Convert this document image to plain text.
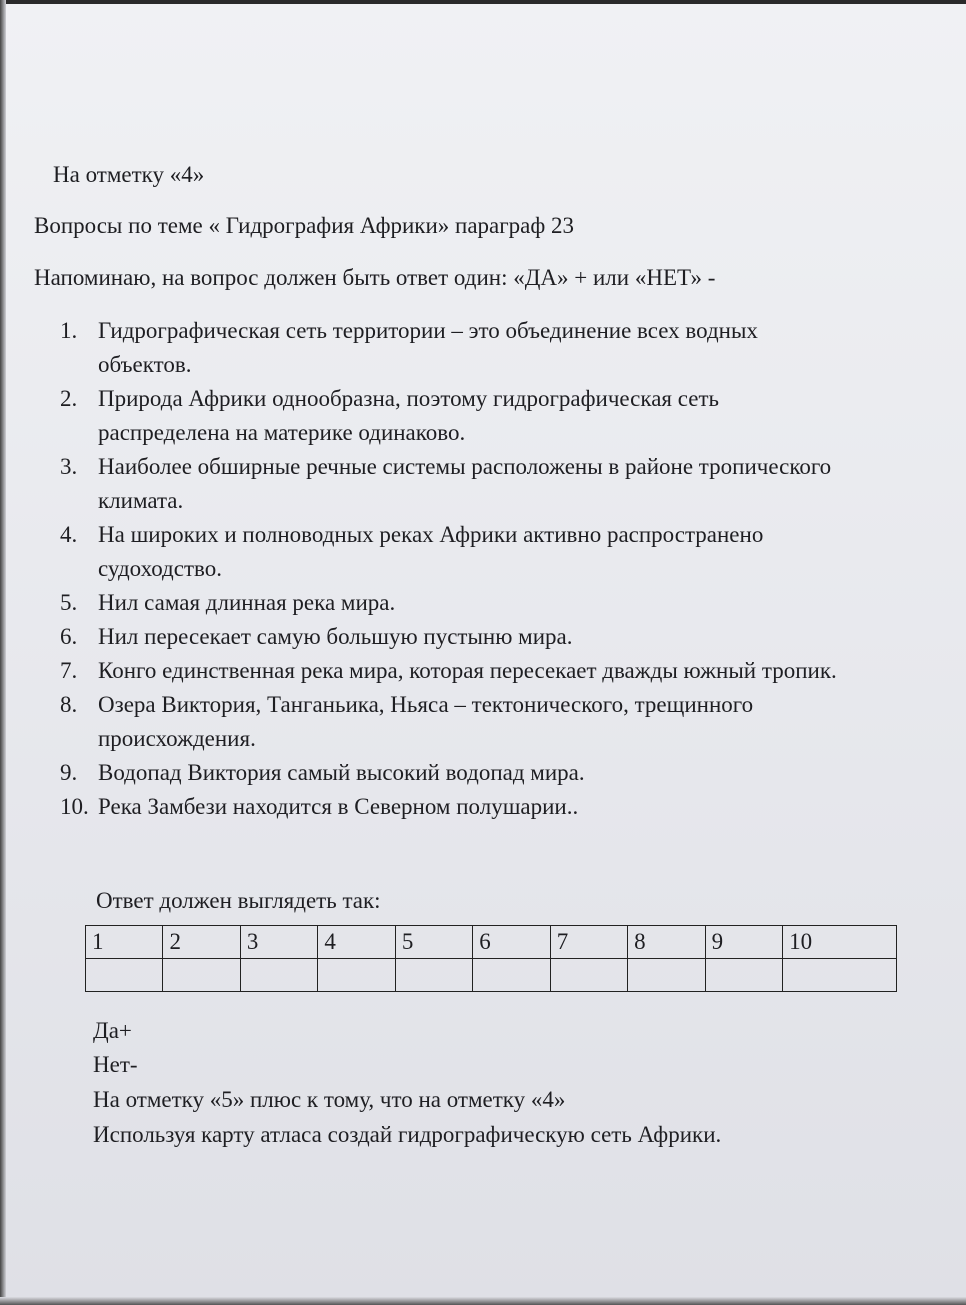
На отметку «4»
Вопросы по теме « Гидрография Африки» параграф 23
Напоминаю, на вопрос должен быть ответ один: «ДА» + или «НЕТ» -
1. Гидрографическая сеть территории – это объединение всех водных объектов.
2. Природа Африки однообразна, поэтому гидрографическая сеть распределена на материке одинаково.
3. Наиболее обширные речные системы расположены в районе тропического климата.
4. На широких и полноводных реках Африки активно распространено судоходство.
5. Нил самая длинная река мира.
6. Нил пересекает самую большую пустыню мира.
7. Конго единственная река мира, которая пересекает дважды южный тропик.
8. Озера Виктория, Танганьика, Ньяса – тектонического, трещинного происхождения.
9. Водопад Виктория самый высокий водопад мира.
10. Река Замбези находится в Северном полушарии..
Ответ должен выглядеть так:
1	2	3	4	5	6	7	8	9	10

Да+
Нет-
На отметку «5» плюс к тому, что на отметку «4»
Используя карту атласа создай гидрографическую сеть Африки.
